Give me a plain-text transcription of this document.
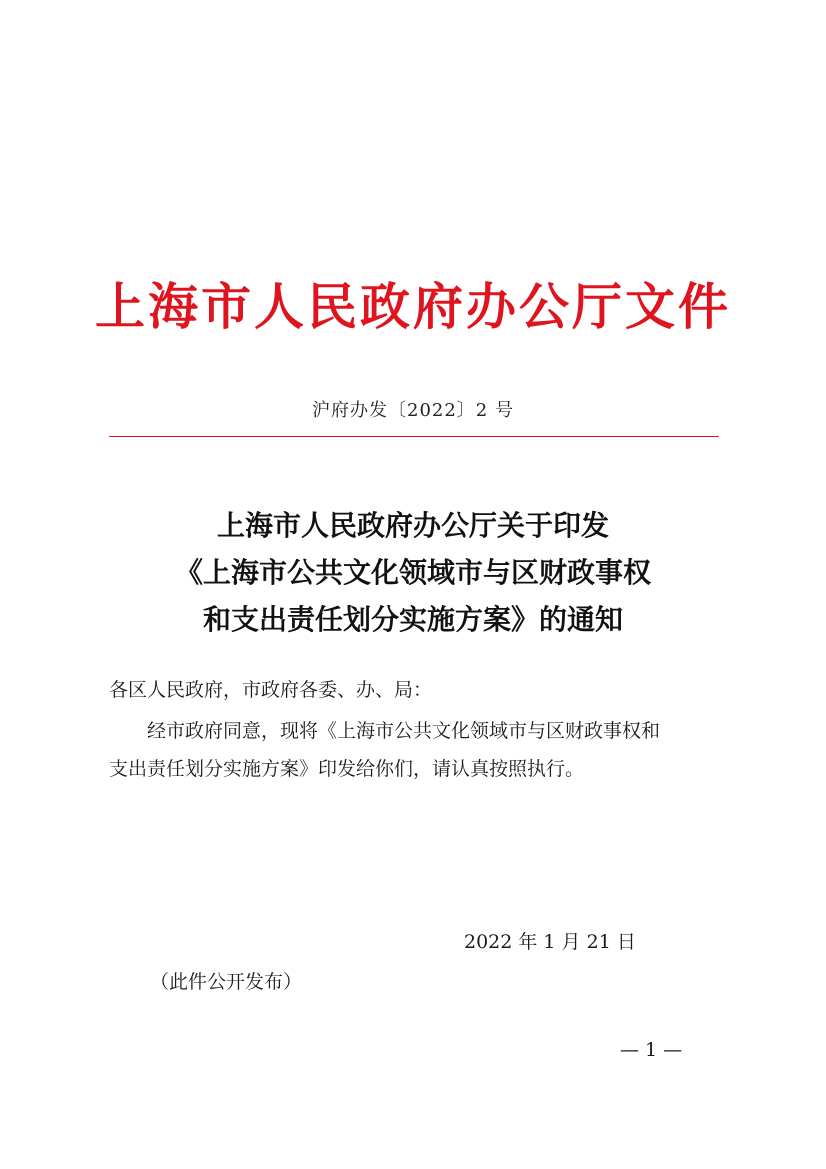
上海市人民政府办公厅文件
沪府办发〔2022〕2 号
上海市人民政府办公厅关于印发
《上海市公共文化领域市与区财政事权
和支出责任划分实施方案》的通知
各区人民政府，市政府各委、办、局：
经市政府同意，现将《上海市公共文化领域市与区财政事权和
支出责任划分实施方案》印发给你们，请认真按照执行。
2022 年 1 月 21 日
（此件公开发布）
— 1 —
